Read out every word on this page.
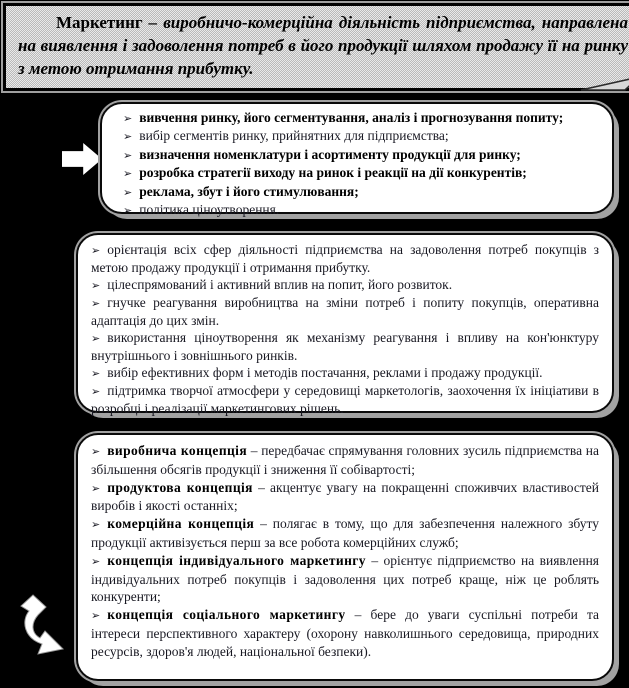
Маркетинг – виробничо-комерційна діяльність підприємства, направлена на виявлення і задоволення потреб в його продукції шляхом продажу її на ринку з метою отримання прибутку.
➢ вивчення ринку, його сегментування, аналіз і прогнозування попиту;
➢ вибір сегментів ринку, прийнятних для підприємства;
➢ визначення номенклатури і асортименту продукції для ринку;
➢ розробка стратегії виходу на ринок і реакції на дії конкурентів;
➢ реклама, збут і його стимулювання;
➢ політика ціноутворення.

➢ орієнтація всіх сфер діяльності підприємства на задоволення потреб покупців з метою продажу продукції і отримання прибутку.

➢ цілеспрямований і активний вплив на попит, його розвиток.

➢ гнучке реагування виробництва на зміни потреб і попиту покупців, оперативна адаптація до цих змін.

➢ використання ціноутворення як механізму реагування і впливу на кон'юнктуру внутрішнього і зовнішнього ринків.

➢ вибір ефективних форм і методів постачання, реклами і продажу продукції.

➢ підтримка творчої атмосфери у середовищі маркетологів, заохочення їх ініціативи в розробці і реалізації маркетингових рішень.

➢ виробнича концепція – передбачає спрямування головних зусиль підприємства на збільшення обсягів продукції і зниження її собівартості;

➢ продуктова концепція – акцентує увагу на покращенні споживчих властивостей виробів і якості останніх;

➢ комерційна концепція – полягає в тому, що для забезпечення належного збуту продукції активізується перш за все робота комерційних служб;

➢ концепція індивідуального маркетингу – орієнтує підприємство на виявлення індивідуальних потреб покупців і задоволення цих потреб краще, ніж це роблять конкуренти;

➢ концепція соціального маркетингу – бере до уваги суспільні потреби та інтереси перспективного характеру (охорону навколишнього середовища, природних ресурсів, здоров'я людей, національної безпеки).
